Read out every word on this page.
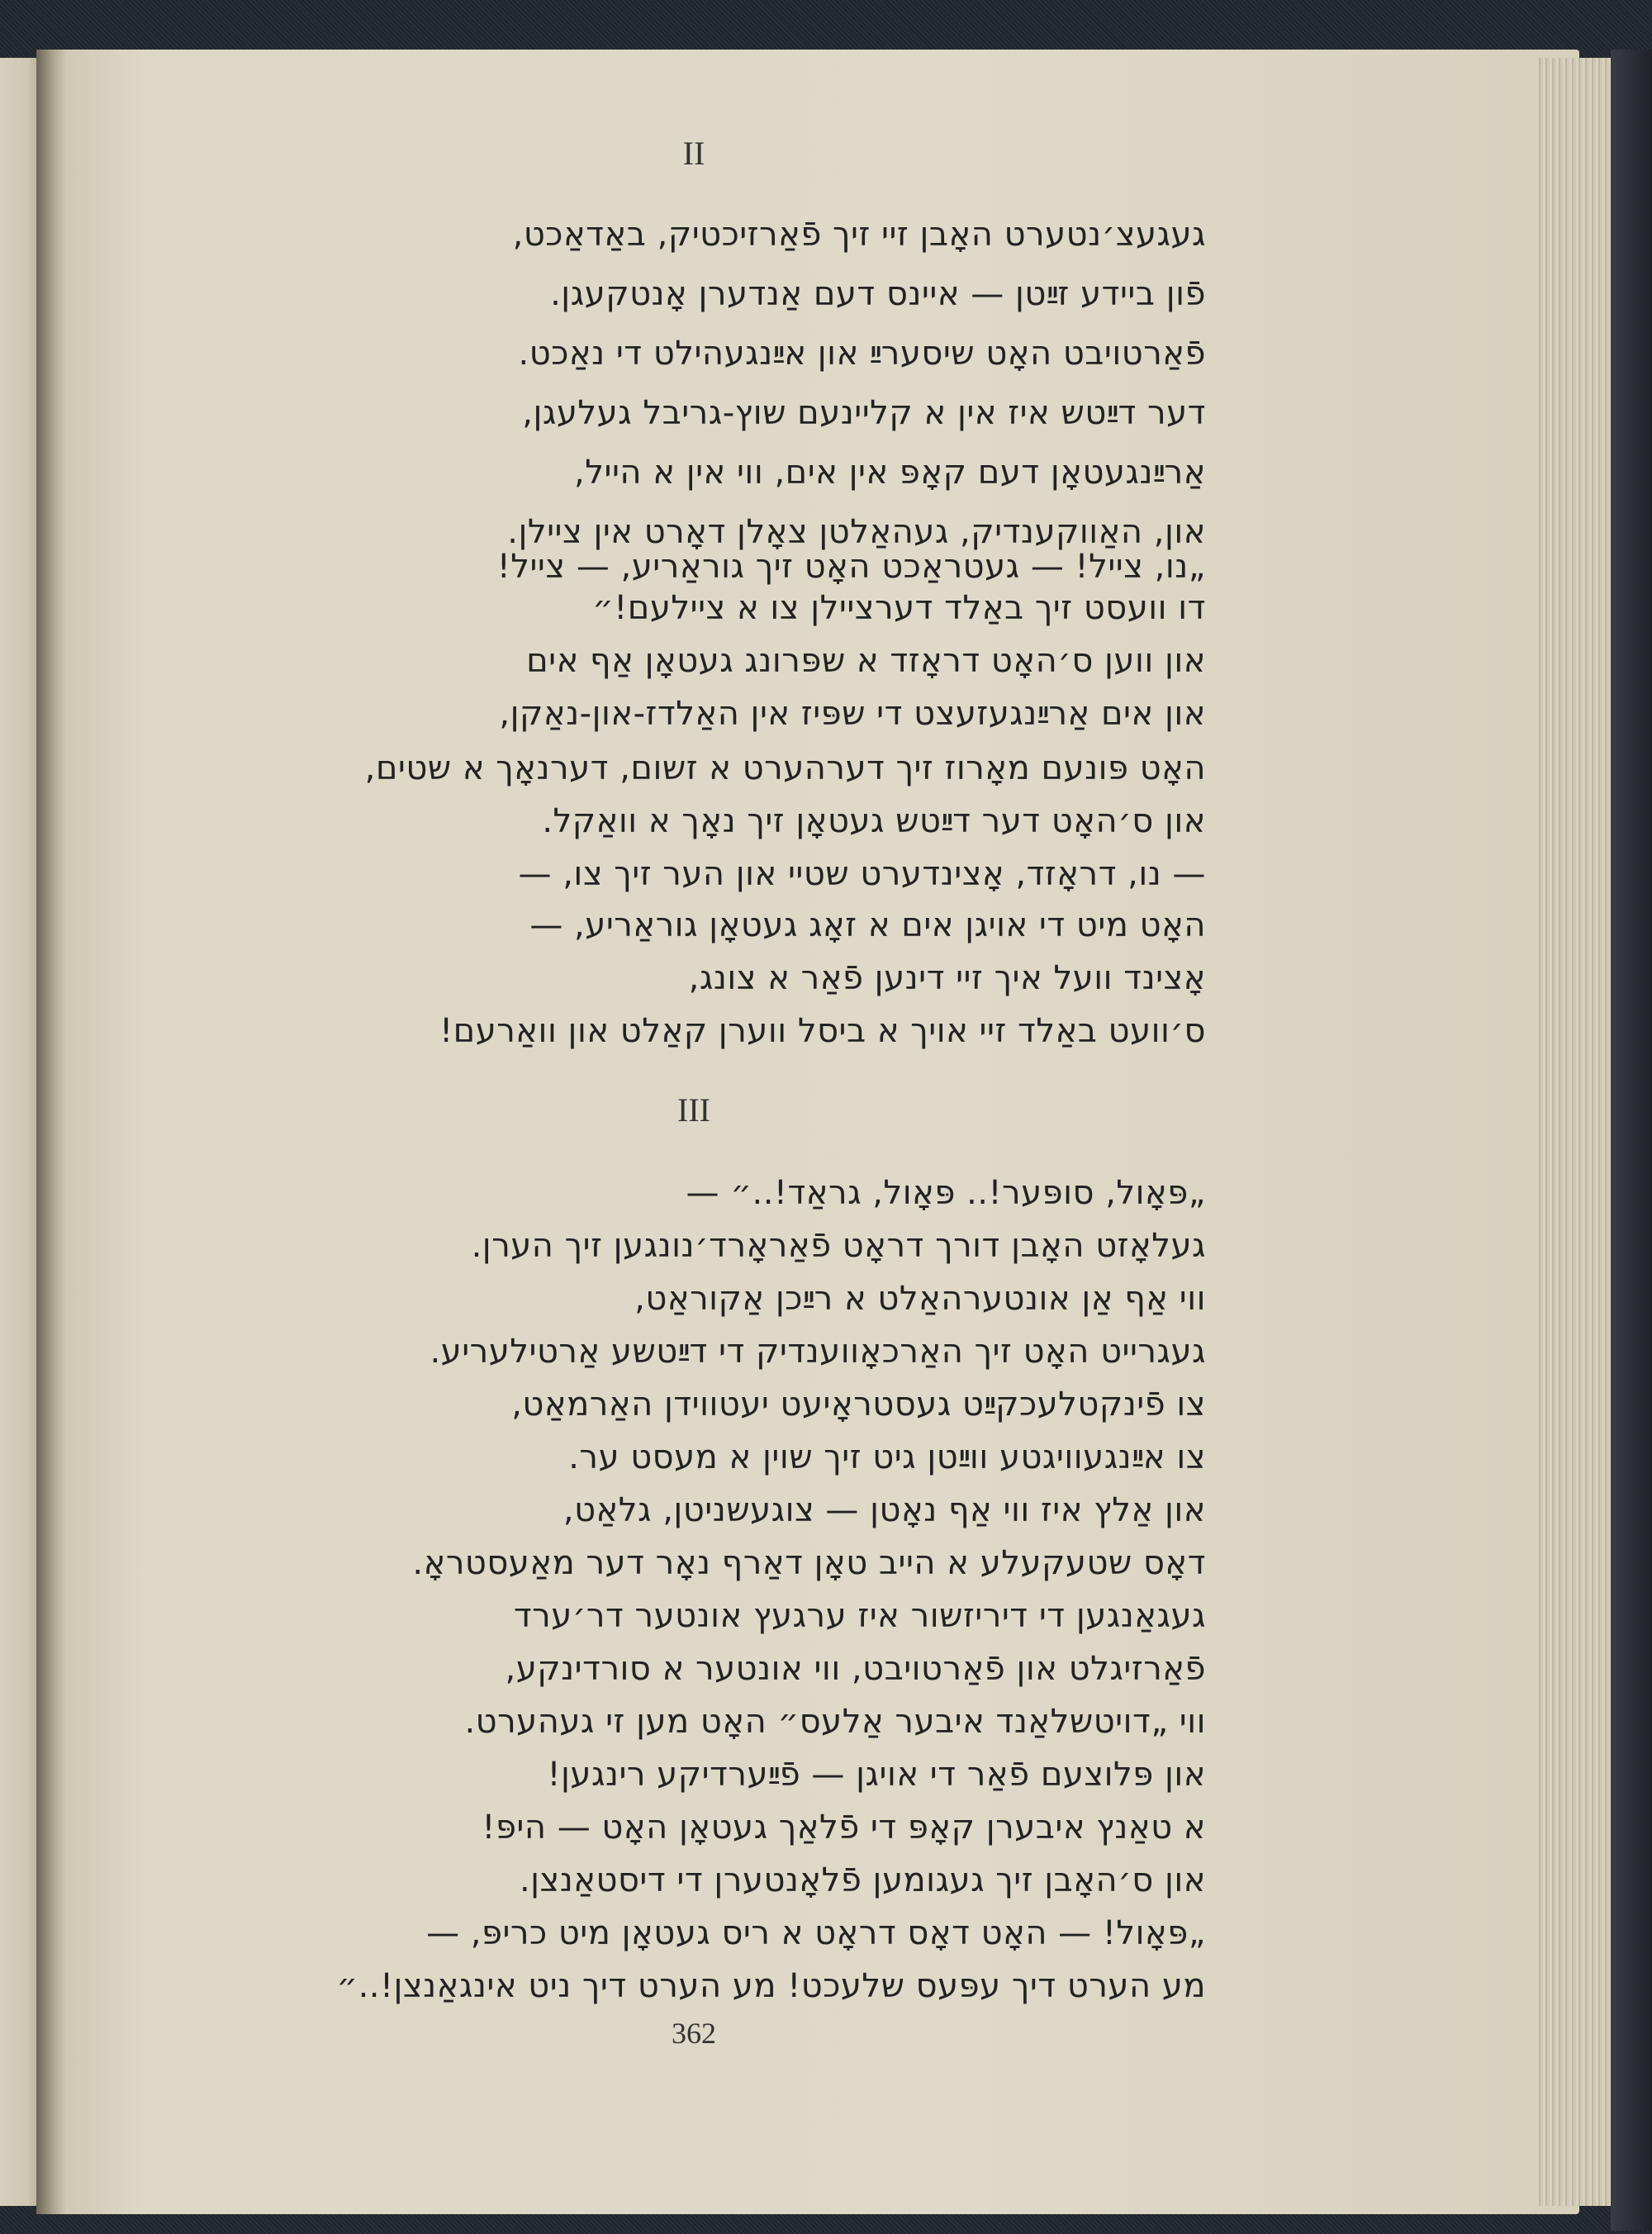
II
געגעצ׳נטערט האָבן זיי זיך פֿאַרזיכטיק, באַדאַכט,
פֿון ביידע זײַטן — איינס דעם אַנדערן אָנטקעגן.
פֿאַרטויבט האָט שיסערײַ און אײַנגעהילט די נאַכט.
דער דײַטש איז אין א קליינעם שוץ-גריבל געלעגן,
אַרײַנגעטאָן דעם קאָפּ אין אים, ווי אין א הייל,
און, האַווקענדיק, געהאַלטן צאָלן דאָרט אין ציילן.
„נו, צייל! — געטראַכט האָט זיך גוראַריע, — צייל!
דו וועסט זיך באַלד דערציילן צו א ציילעם!״
און ווען ס׳האָט דראָזד א שפּרונג געטאָן אַף אים
און אים אַרײַנגעזעצט די שפּיז אין האַלדז-און-נאַקן,
האָט פּונעם מאָרוז זיך דערהערט א זשום, דערנאָך א שטים,
און ס׳האָט דער דײַטש געטאָן זיך נאָך א וואַקל.
— נו, דראָזד, אָצינדערט שטיי און הער זיך צו, —
האָט מיט די אויגן אים א זאָג געטאָן גוראַריע, —
אָצינד וועל איך זיי דינען פֿאַר א צונג,
ס׳וועט באַלד זיי אויך א ביסל ווערן קאַלט און וואַרעם!
III
„פּאָול, סופּער!.. פּאָול, גראַד!..״ —
געלאָזט האָבן דורך דראָט פֿאַראָרד׳נונגען זיך הערן.
ווי אַף אַן אונטערהאַלט א רײַכן אַקוראַט,
געגרייט האָט זיך האַרכאָווענדיק די דײַטשע אַרטילעריע.
צו פֿינקטלעכקײַט געסטראָיעט יעטווידן האַרמאַט,
צו אײַנגעוויגטע ווײַטן גיט זיך שוין א מעסט ער.
און אַלץ איז ווי אַף נאָטן — צוגעשניטן, גלאַט,
דאָס שטעקעלע א הייב טאָן דאַרף נאָר דער מאַעסטראָ.
געגאַנגען די דיריזשור איז ערגעץ אונטער דר׳ערד
פֿאַרזיגלט און פֿאַרטויבט, ווי אונטער א סורדינקע,
ווי „דויטשלאַנד איבער אַלעס״ האָט מען זי געהערט.
און פּלוצעם פֿאַר די אויגן — פֿײַערדיקע רינגען!
א טאַנץ איבערן קאָפּ די פֿלאַך געטאָן האָט — היפּ!
און ס׳האָבן זיך געגומען פֿלאָנטערן די דיסטאַנצן.
„פּאָול! — האָט דאָס דראָט א ריס געטאָן מיט כריפּ, —
מע הערט דיך עפּעס שלעכט! מע הערט דיך ניט אינגאַנצן!..״
362
